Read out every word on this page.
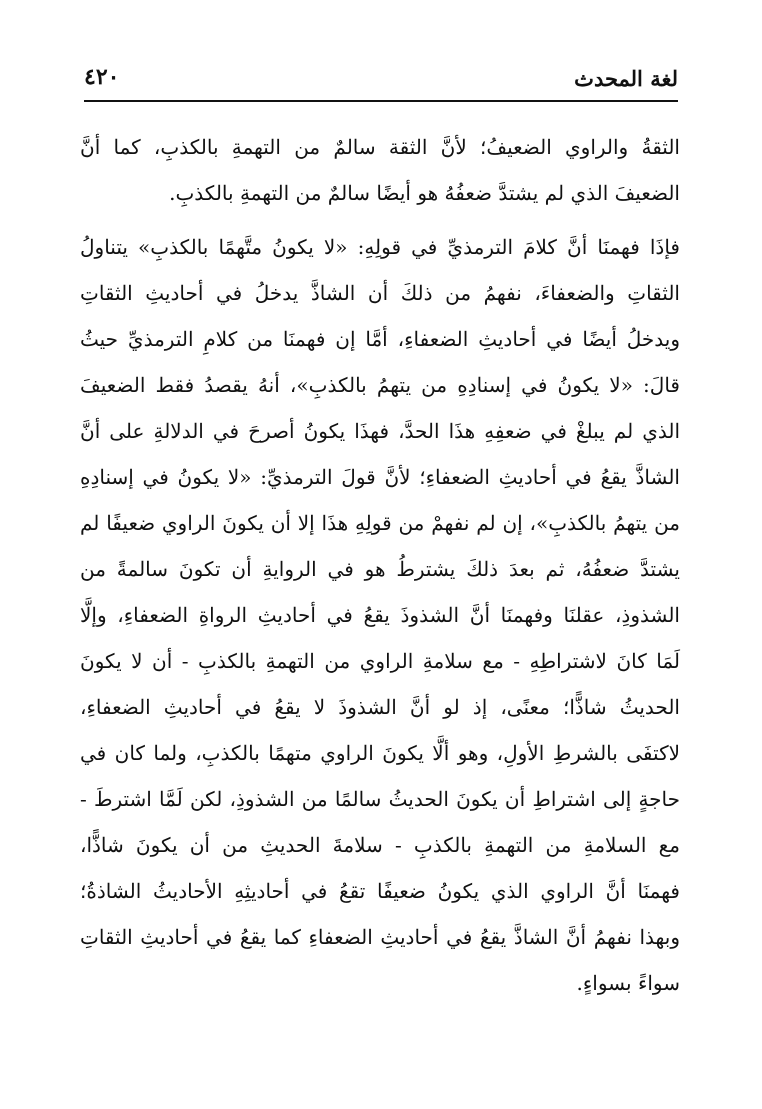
لغة المحدث
٤٢٠
الثقةُ والراوي الضعيفُ؛ لأنَّ الثقة سالمٌ من التهمةِ بالكذبِ، كما أنَّ
الضعيفَ الذي لم يشتدَّ ضعفُهُ هو أيضًا سالمٌ من التهمةِ بالكذبِ.
فإذَا فهمنَا أنَّ كلامَ الترمذيِّ في قولِهِ: «لا يكونُ متَّهمًا بالكذبِ» يتناولُ
الثقاتِ والضعفاءَ، نفهمُ من ذلكَ أن الشاذَّ يدخلُ في أحاديثِ الثقاتِ
ويدخلُ أيضًا في أحاديثِ الضعفاءِ، أمَّا إن فهمنَا من كلامِ الترمذيِّ حيثُ
قالَ: «لا يكونُ في إسنادِهِ من يتهمُ بالكذبِ»، أنهُ يقصدُ فقط الضعيفَ
الذي لم يبلغْ في ضعفِهِ هذَا الحدَّ، فهذَا يكونُ أصرحَ في الدلالةِ على أنَّ
الشاذَّ يقعُ في أحاديثِ الضعفاءِ؛ لأنَّ قولَ الترمذيِّ: «لا يكونُ في إسنادِهِ
من يتهمُ بالكذبِ»، إن لم نفهمْ من قولِهِ هذَا إلا أن يكونَ الراوي ضعيفًا لم
يشتدَّ ضعفُهُ، ثم بعدَ ذلكَ يشترطُ هو في الروايةِ أن تكونَ سالمةً من
الشذوذِ، عقلنَا وفهمنَا أنَّ الشذوذَ يقعُ في أحاديثِ الرواةِ الضعفاءِ، وإلَّا
لَمَا كانَ لاشتراطِهِ - مع سلامةِ الراوي من التهمةِ بالكذبِ - أن لا يكونَ
الحديثُ شاذًّا؛ معنًى، إذ لو أنَّ الشذوذَ لا يقعُ في أحاديثِ الضعفاءِ،
لاكتفَى بالشرطِ الأولِ، وهو ألَّا يكونَ الراوي متهمًا بالكذبِ، ولما كان في
حاجةٍ إلى اشتراطِ أن يكونَ الحديثُ سالمًا من الشذوذِ، لكن لَمَّا اشترطَ -
مع السلامةِ من التهمةِ بالكذبِ - سلامةَ الحديثِ من أن يكونَ شاذًّا،
فهمنَا أنَّ الراوي الذي يكونُ ضعيفًا تقعُ في أحاديثِهِ الأحاديثُ الشاذةُ؛
وبهذا نفهمُ أنَّ الشاذَّ يقعُ في أحاديثِ الضعفاءِ كما يقعُ في أحاديثِ الثقاتِ
سواءً بسواءٍ.
